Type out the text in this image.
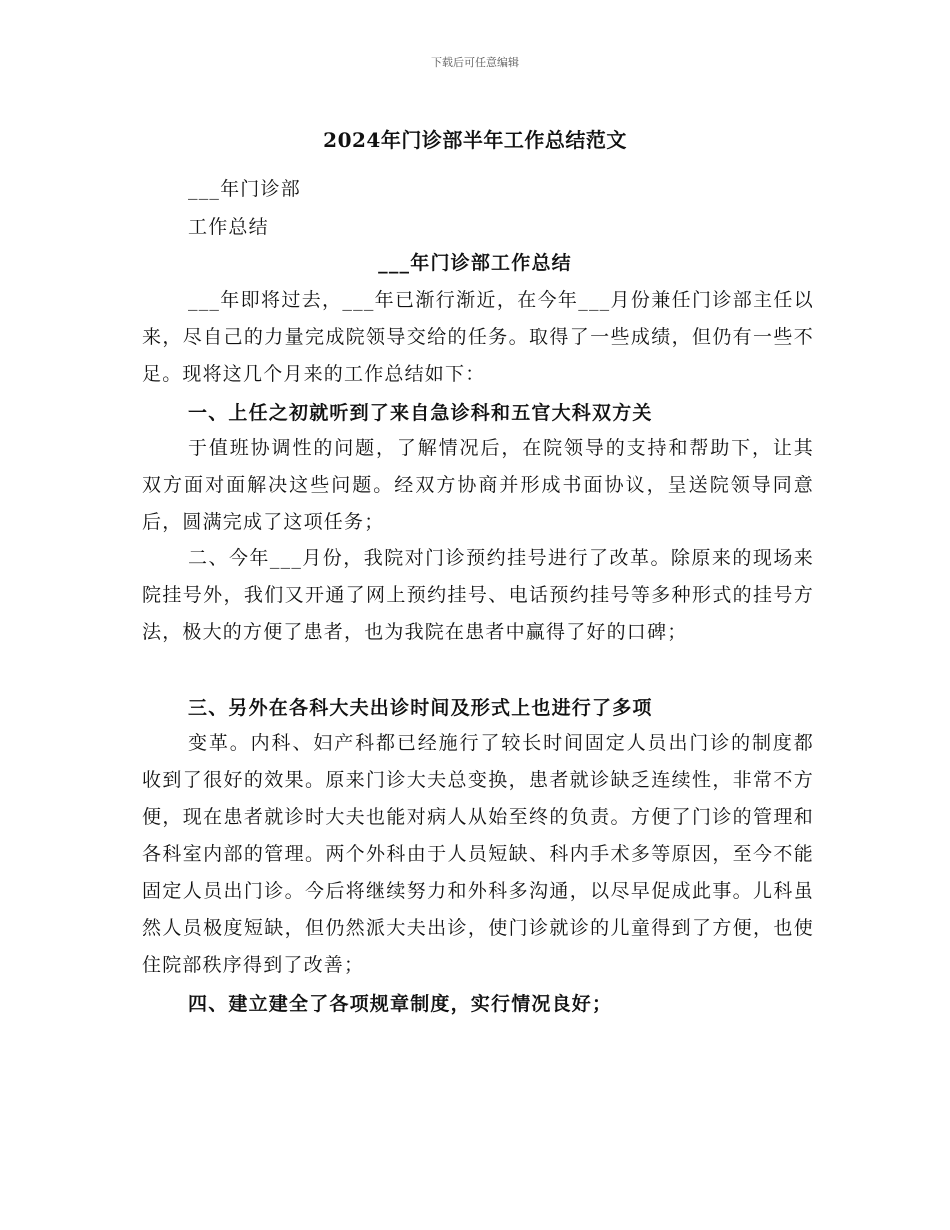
下载后可任意编辑
2024年门诊部半年工作总结范文
___年门诊部
工作总结
___年门诊部工作总结
___年即将过去，___年已渐行渐近，在今年___月份兼任门诊部主任以来，尽自己的力量完成院领导交给的任务。取得了一些成绩，但仍有一些不足。现将这几个月来的工作总结如下：
一、上任之初就听到了来自急诊科和五官大科双方关
于值班协调性的问题，了解情况后，在院领导的支持和帮助下，让其双方面对面解决这些问题。经双方协商并形成书面协议，呈送院领导同意后，圆满完成了这项任务；
二、今年___月份，我院对门诊预约挂号进行了改革。除原来的现场来院挂号外，我们又开通了网上预约挂号、电话预约挂号等多种形式的挂号方法，极大的方便了患者，也为我院在患者中赢得了好的口碑；
三、另外在各科大夫出诊时间及形式上也进行了多项
变革。内科、妇产科都已经施行了较长时间固定人员出门诊的制度都收到了很好的效果。原来门诊大夫总变换，患者就诊缺乏连续性，非常不方便，现在患者就诊时大夫也能对病人从始至终的负责。方便了门诊的管理和各科室内部的管理。两个外科由于人员短缺、科内手术多等原因，至今不能固定人员出门诊。今后将继续努力和外科多沟通，以尽早促成此事。儿科虽然人员极度短缺，但仍然派大夫出诊，使门诊就诊的儿童得到了方便，也使住院部秩序得到了改善；
四、建立建全了各项规章制度，实行情况良好；
